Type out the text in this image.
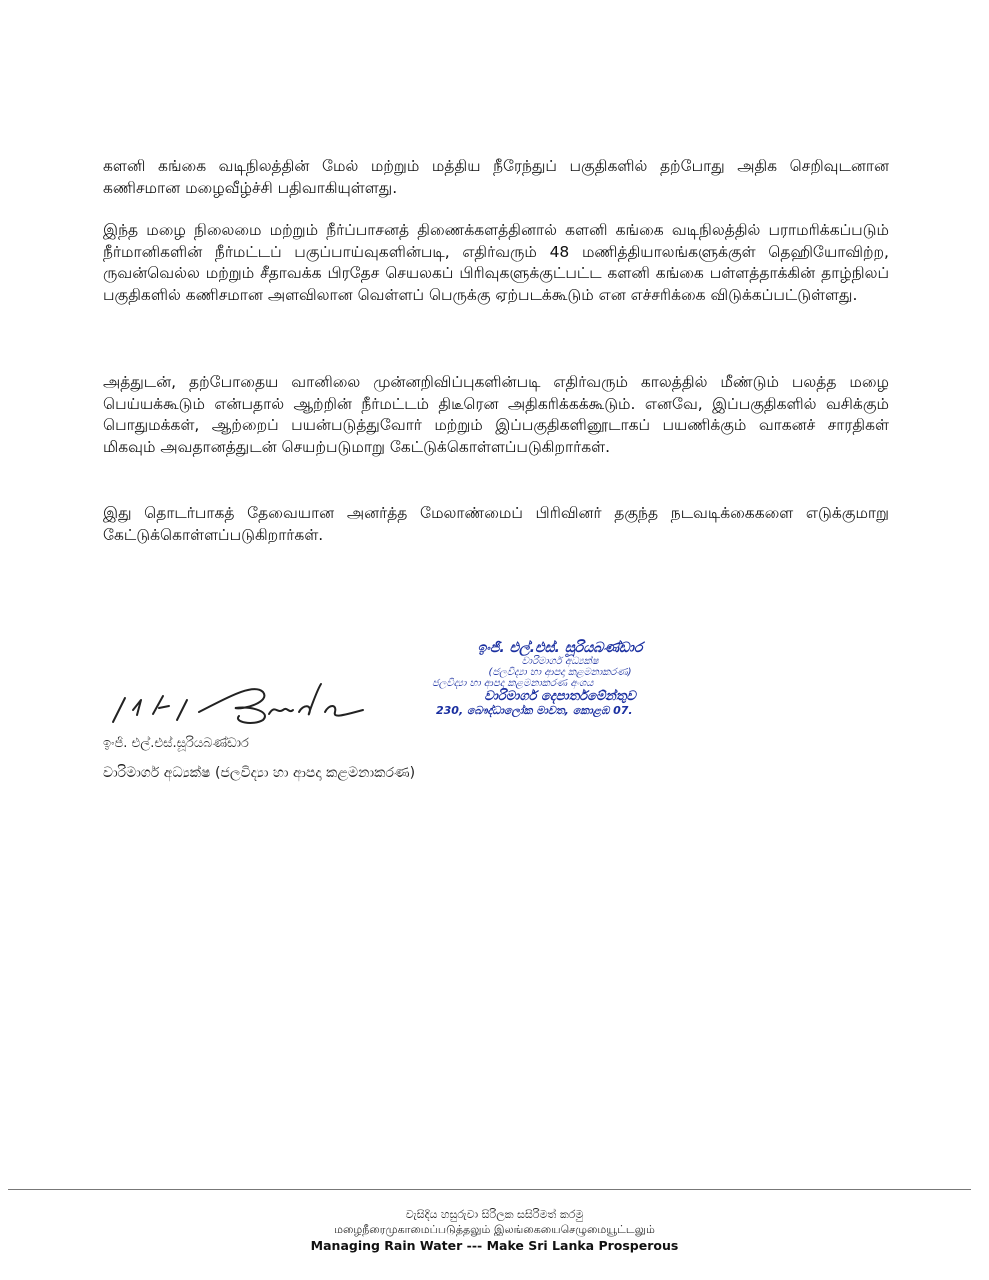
களனி கங்கை வடிநிலத்தின் மேல் மற்றும் மத்திய நீரேந்துப் பகுதிகளில் தற்போது அதிக செறிவுடனான கணிசமான மழைவீழ்ச்சி பதிவாகியுள்ளது.

இந்த மழை நிலைமை மற்றும் நீர்ப்பாசனத் திணைக்களத்தினால் களனி கங்கை வடிநிலத்தில் பராமரிக்கப்படும் நீர்மானிகளின் நீர்மட்டப் பகுப்பாய்வுகளின்படி, எதிர்வரும் 48 மணித்தியாலங்களுக்குள் தெஹியோவிற்ற, ருவன்வெல்ல மற்றும் சீதாவக்க பிரதேச செயலகப் பிரிவுகளுக்குட்பட்ட களனி கங்கை பள்ளத்தாக்கின் தாழ்நிலப் பகுதிகளில் கணிசமான அளவிலான வெள்ளப் பெருக்கு ஏற்படக்கூடும் என எச்சரிக்கை விடுக்கப்பட்டுள்ளது.

அத்துடன், தற்போதைய வானிலை முன்னறிவிப்புகளின்படி எதிர்வரும் காலத்தில் மீண்டும் பலத்த மழை பெய்யக்கூடும் என்பதால் ஆற்றின் நீர்மட்டம் திடீரென அதிகரிக்கக்கூடும். எனவே, இப்பகுதிகளில் வசிக்கும் பொதுமக்கள், ஆற்றைப் பயன்படுத்துவோர் மற்றும் இப்பகுதிகளினூடாகப் பயணிக்கும் வாகனச் சாரதிகள் மிகவும் அவதானத்துடன் செயற்படுமாறு கேட்டுக்கொள்ளப்படுகிறார்கள்.

இது தொடர்பாகத் தேவையான அனர்த்த மேலாண்மைப் பிரிவினர் தகுந்த நடவடிக்கைகளை எடுக்குமாறு கேட்டுக்கொள்ளப்படுகிறார்கள்.

ඉංජි. එල්.එස්.සූරියබණ්ඩාර
වාරිමාර්ග අධ්‍යක්ෂ (ජලවිද්‍යා හා ආපදා කළමනාකරණ)
ඉංජි. එල්.එස්. සූරියබණ්ඩාර
වාරිමාර්ග අධ්‍යක්ෂ
(ජලවිද්‍යා හා ආපදා කළමනාකරණ)
ජලවිද්‍යා හා ආපදා කළමනාකරණ අංශය
වාරිමාර්ග දෙපාර්තමේන්තුව
230, බෞද්ධාලෝක මාවත, කොළඹ 07.
වැසිදිය හසුරුවා සිරිලක සසිරිමත් කරමු
மழைநீரைமுகாமைப்படுத்தலும் இலங்கையைசெழுமையூட்டலும்
Managing Rain Water --- Make Sri Lanka Prosperous
